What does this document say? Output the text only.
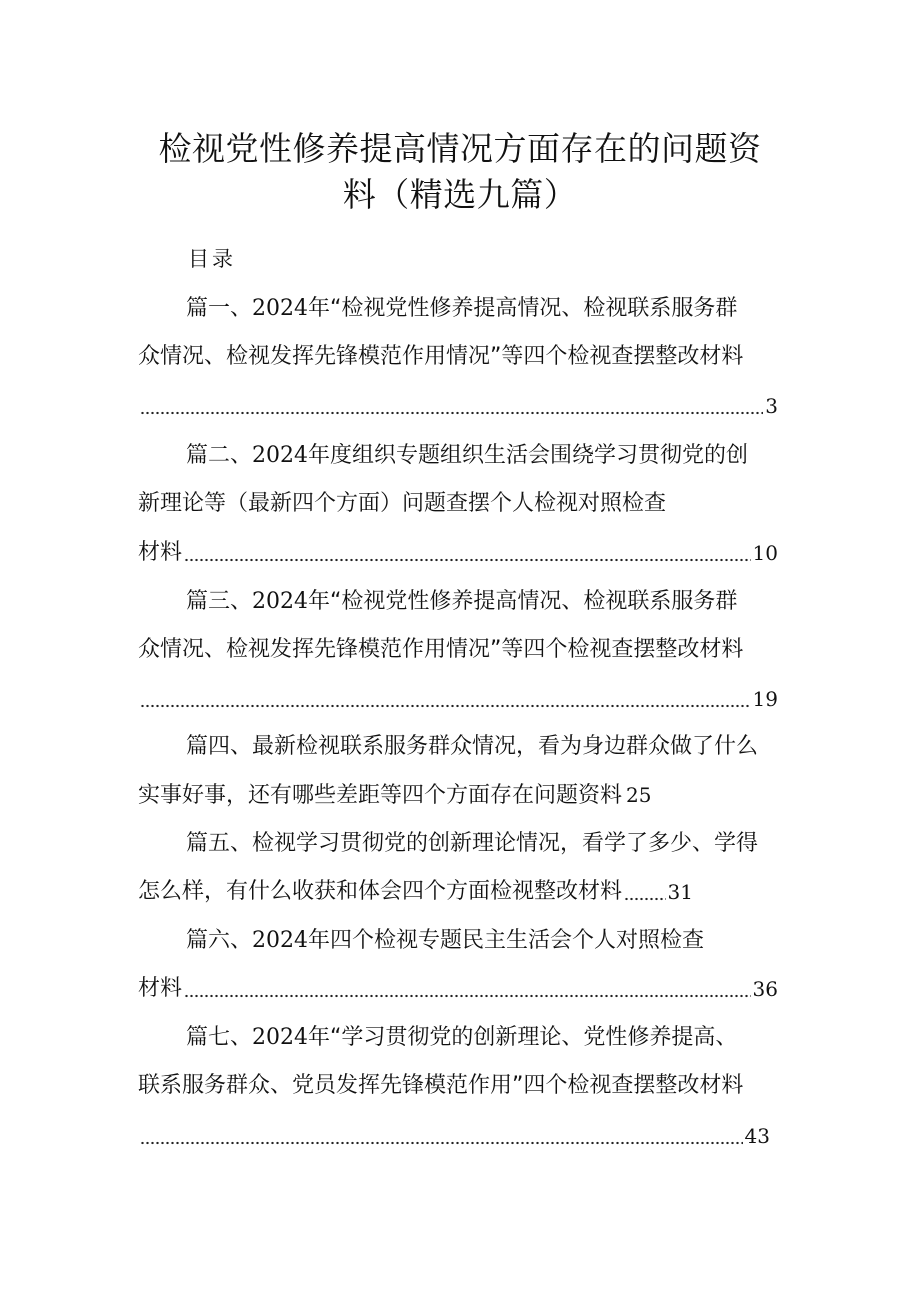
检视党性修养提高情况方面存在的问题资
料（精选九篇）
目录
篇一、2024年“检视党性修养提高情况、检视联系服务群
众情况、检视发挥先锋模范作用情况”等四个检视查摆整改材料
3
篇二、2024年度组织专题组织生活会围绕学习贯彻党的创
新理论等（最新四个方面）问题查摆个人检视对照检查
材料	10
篇三、2024年“检视党性修养提高情况、检视联系服务群
众情况、检视发挥先锋模范作用情况”等四个检视查摆整改材料
19
篇四、最新检视联系服务群众情况，看为身边群众做了什么
实事好事，还有哪些差距等四个方面存在问题资料 25
篇五、检视学习贯彻党的创新理论情况，看学了多少、学得
怎么样，有什么收获和体会四个方面检视整改材料 31
篇六、2024年四个检视专题民主生活会个人对照检查
材料	36
篇七、2024年“学习贯彻党的创新理论、党性修养提高、
联系服务群众、党员发挥先锋模范作用”四个检视查摆整改材料
43
